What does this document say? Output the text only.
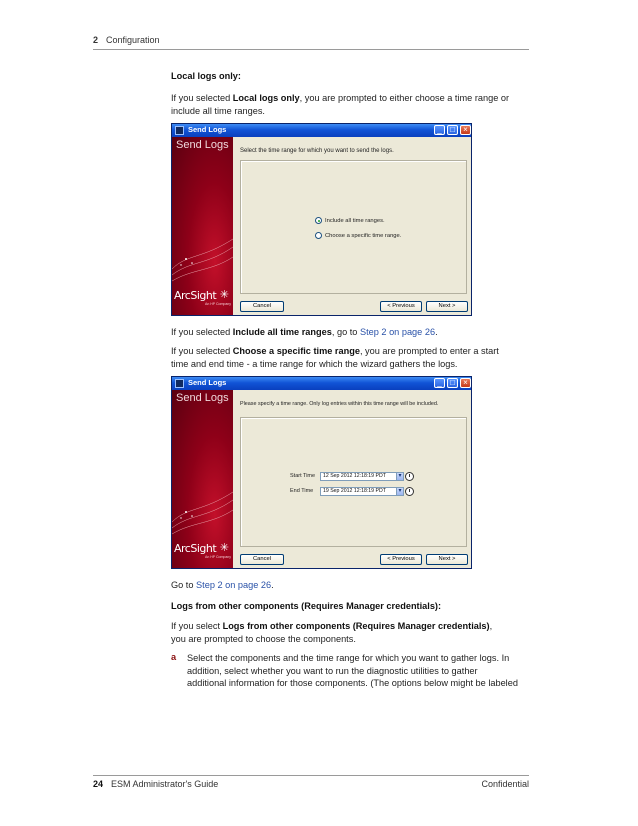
2 Configuration
Local logs only:
If you selected Local logs only, you are prompted to either choose a time range or
include all time ranges.
Send Logs	_ □ ×
Send Logs
ArcSight ✳
An HP Company
Select the time range for which you want to send the logs.
Include all time ranges.
Choose a specific time range.
Cancel	< Previous	Next >
If you selected Include all time ranges, go to Step 2 on page 26.
If you selected Choose a specific time range, you are prompted to enter a start
time and end time - a time range for which the wizard gathers the logs.
Send Logs	_ □ ×
Send Logs
ArcSight ✳
An HP Company
Please specify a time range. Only log entries within this time range will be included.
Start Time	12 Sep 2012 12:18:19 PDT	▾
End Time	19 Sep 2012 12:18:19 PDT	▾
Cancel	< Previous	Next >
Go to Step 2 on page 26.
Logs from other components (Requires Manager credentials):
If you select Logs from other components (Requires Manager credentials),
you are prompted to choose the components.
a Select the components and the time range for which you want to gather logs. In
addition, select whether you want to run the diagnostic utilities to gather
additional information for those components. (The options below might be labeled
24 ESM Administrator's Guide	Confidential
